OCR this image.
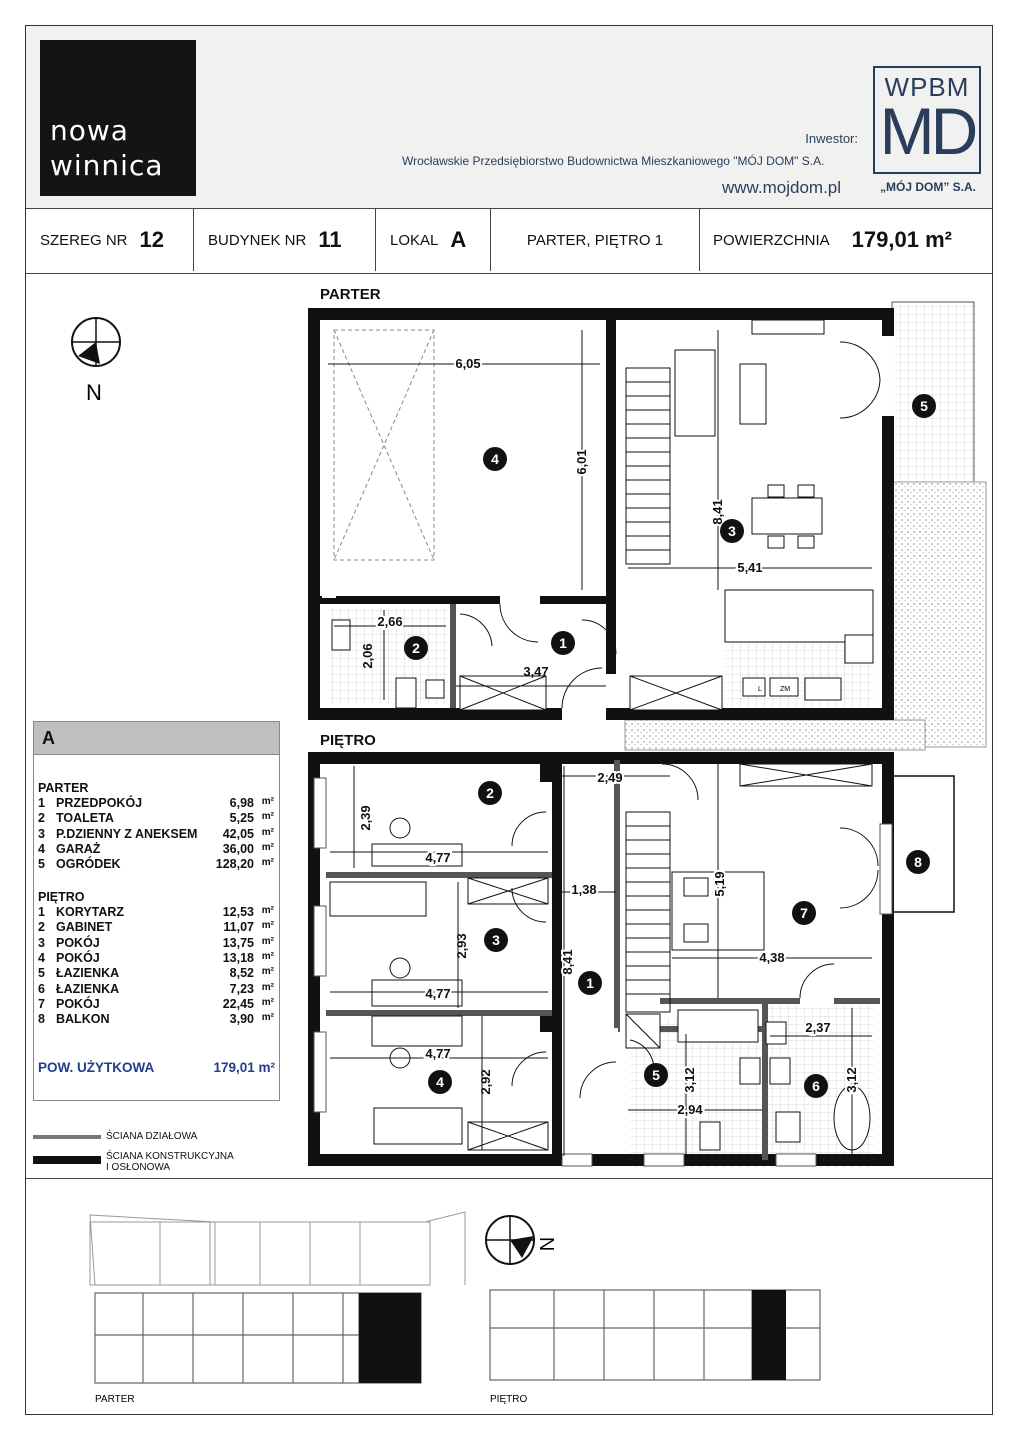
nowa
winnica
Inwestor:
Wrocławskie Przedsiębiorstwo Budownictwa Mieszkaniowego "MÓJ DOM" S.A.
www.mojdom.pl
WPBM
MD
„MÓJ DOM” S.A.
SZEREG NR 12	BUDYNEK NR 11	LOKAL A	PARTER, PIĘTRO 1	POWIERZCHNIA 179,01 m²
PARTER
PIĘTRO
N
L	ZM
6,05
6,01
8,41
5,41
2,66
2,06
3,47
4
3
1
2
5
2,49
2,39
4,77
1,38
2,93
4,77
8,41
4,77
2,92
5,19
4,38
2,37
3,12
2,94
3,12
2
3
1
4	5
6
7
8
A
PARTER
1 PRZEDPOKÓJ	6,98 m²
2 TOALETA	5,25 m²
3 P.DZIENNY Z ANEKSEM 42,05 m²
4 GARAŻ	36,00 m²
5 OGRÓDEK	128,20 m²
PIĘTRO
1 KORYTARZ	12,53 m²
2 GABINET	11,07 m²
3 POKÓJ	13,75 m²
4 POKÓJ	13,18 m²
5 ŁAZIENKA	8,52 m²
6 ŁAZIENKA	7,23 m²
7 POKÓJ	22,45 m²
8 BALKON	3,90 m²
POW. UŻYTKOWA	179,01 m²
ŚCIANA DZIAŁOWA
ŚCIANA KONSTRUKCYJNA
I OSŁONOWA
PARTER
N
PIĘTRO
